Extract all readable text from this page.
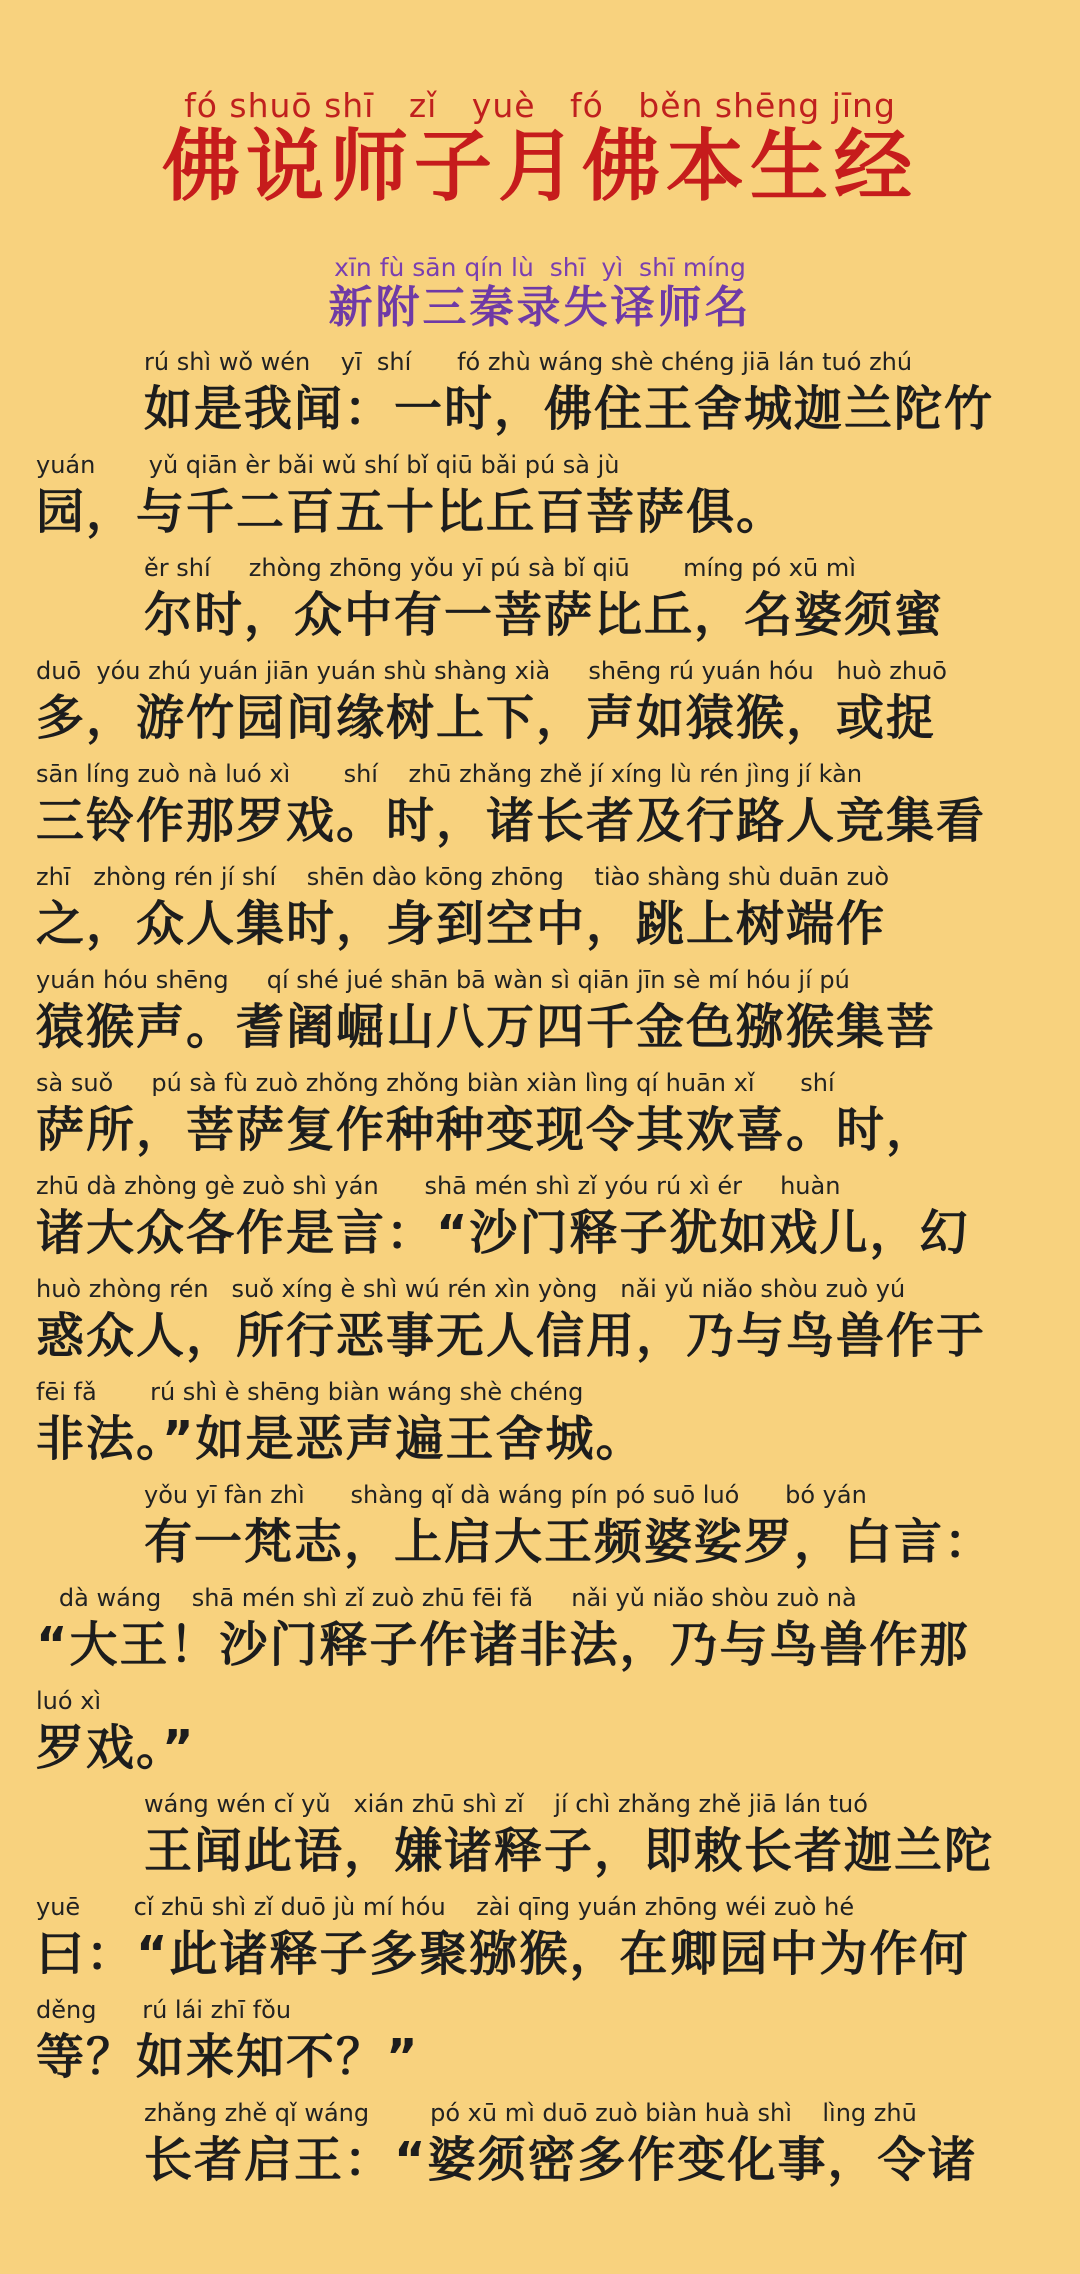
fó shuō shī   zǐ   yuè   fó   běn shēng jīng
佛说师子月佛本生经
xīn fù sān qín lù  shī  yì  shī míng
新附三秦录失译师名
rú shì wǒ wén    yī  shí      fó zhù wáng shè chéng jiā lán tuó zhú
如是我闻：一时，佛住王舍城迦兰陀竹
yuán       yǔ qiān èr bǎi wǔ shí bǐ qiū bǎi pú sà jù
园，与千二百五十比丘百菩萨俱。
ěr shí     zhòng zhōng yǒu yī pú sà bǐ qiū       míng pó xū mì
尔时，众中有一菩萨比丘，名婆须蜜
duō  yóu zhú yuán jiān yuán shù shàng xià     shēng rú yuán hóu   huò zhuō
多，游竹园间缘树上下，声如猿猴，或捉
sān líng zuò nà luó xì       shí    zhū zhǎng zhě jí xíng lù rén jìng jí kàn
三铃作那罗戏。时，诸长者及行路人竞集看
zhī   zhòng rén jí shí    shēn dào kōng zhōng    tiào shàng shù duān zuò
之，众人集时，身到空中，跳上树端作
yuán hóu shēng     qí shé jué shān bā wàn sì qiān jīn sè mí hóu jí pú
猿猴声。耆阇崛山八万四千金色猕猴集菩
sà suǒ     pú sà fù zuò zhǒng zhǒng biàn xiàn lìng qí huān xǐ      shí
萨所，菩萨复作种种变现令其欢喜。时，
zhū dà zhòng gè zuò shì yán      shā mén shì zǐ yóu rú xì ér     huàn
诸大众各作是言：“沙门释子犹如戏儿，幻
huò zhòng rén   suǒ xíng è shì wú rén xìn yòng   nǎi yǔ niǎo shòu zuò yú
惑众人，所行恶事无人信用，乃与鸟兽作于
fēi fǎ       rú shì è shēng biàn wáng shè chéng
非法。”如是恶声遍王舍城。
yǒu yī fàn zhì      shàng qǐ dà wáng pín pó suō luó      bó yán
有一梵志，上启大王频婆娑罗，白言：
dà wáng    shā mén shì zǐ zuò zhū fēi fǎ     nǎi yǔ niǎo shòu zuò nà
“大王！沙门释子作诸非法，乃与鸟兽作那
luó xì
罗戏。”
wáng wén cǐ yǔ   xián zhū shì zǐ    jí chì zhǎng zhě jiā lán tuó
王闻此语，嫌诸释子，即敕长者迦兰陀
yuē       cǐ zhū shì zǐ duō jù mí hóu    zài qīng yuán zhōng wéi zuò hé
曰：“此诸释子多聚猕猴，在卿园中为作何
děng      rú lái zhī fǒu
等？如来知不？”
zhǎng zhě qǐ wáng        pó xū mì duō zuò biàn huà shì    lìng zhū
长者启王：“婆须密多作变化事，令诸
